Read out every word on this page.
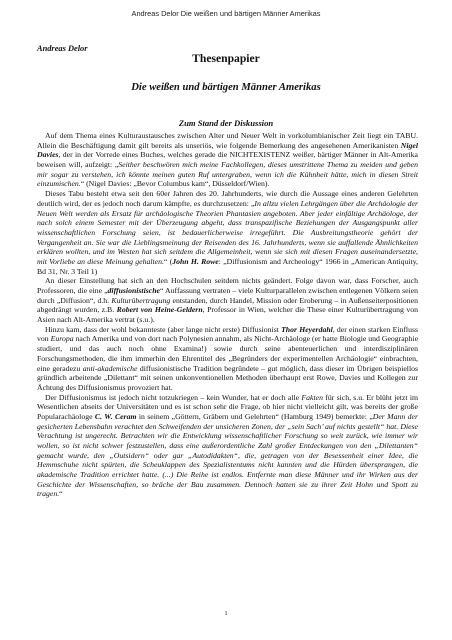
Andreas Delor Die weißen und bärtigen Männer Amerikas
Andreas Delor
Thesenpapier
Die weißen und bärtigen Männer Amerikas
Zum Stand der Diskussion

Auf dem Thema eines Kulturaustausches zwischen Alter und Neuer Welt in vorkolumbianischer Zeit liegt ein TABU. Allein die Beschäftigung damit gilt bereits als unseriös, wie folgende Bemerkung des angesehenen Amerikanisten Nigel Davies, der in der Vorrede eines Buches, welches gerade die NICHTEXISTENZ weißer, bärtiger Männer in Alt-Amerika beweisen will, aufzeigt: „Seither beschwören mich meine Fachkollegen, dieses umstrittene Thema zu meiden und geben mir sogar zu verstehen, ich könnte meinen guten Ruf untergraben, wenn ich die Kühnheit hätte, mich in diesen Streit einzumischen.“ (Nigel Davies: „Bevor Columbus kam“, Düsseldorf/Wien).

Dieses Tabu besteht etwa seit den 60er Jahren des 20. Jahrhunderts, wie durch die Aussage eines anderen Gelehrten deutlich wird, der es jedoch noch darum kämpfte, es durchzusetzen: „In allzu vielen Lehrgängen über die Archäologie der Neuen Welt werden als Ersatz für archäologische Theorien Phantasien angeboten. Aber jeder einfältige Archäologe, der nach solch einem Semester mit der Überzeugung abgeht, dass transpazifische Beziehungen der Ausgangspunkt aller wissenschaftlichen Forschung seien, ist bedauerlicherweise irregeführt. Die Ausbreitungstheorie gehört der Vergangenheit an. Sie war die Lieblingsmeinung der Reisenden des 16. Jahrhunderts, wenn sie auffallende Ähnlichkeiten erklären wollten, und im Westen hat sich seitdem die Allgemeinheit, wenn sie sich mit diesen Fragen auseinandersetzte, mit Vorliebe an diese Meinung gehalten.“ (John H. Rowe: „Diffusionism and Archeology“ 1966 in „American Antiquity, Bd 31, Nr. 3 Teil 1)

An dieser Einstellung hat sich an den Hochschulen seitdem nichts geändert. Folge davon war, dass Forscher, auch Professoren, die eine „diffusionistische“ Auffassung vertraten – viele Kulturparallelen zwischen entlegenen Völkern seien durch „Diffusion“, d.h. Kulturübertragung entstanden, durch Handel, Mission oder Eroberung – in Außenseiterpositionen abgedrängt wurden, z.B. Robert von Heine-Geldern, Professor in Wien, welcher die These einer Kulturübertragung von Asien nach Alt-Amerika vertrat (s.u.).

Hinzu kam, dass der wohl bekannteste (aber lange nicht erste) Diffusionist Thor Heyerdahl, der einen starken Einfluss von Europa nach Amerika und von dort nach Polynesien annahm, als Nicht-Archäologe (er hatte Biologie und Geographie studiert, und das auch noch ohne Examina!) sowie durch seine abenteuerlichen und interdisziplinären Forschungsmethoden, die ihm immerhin den Ehrentitel des „Begründers der experimentellen Archäologie“ einbrachten, eine geradezu anti-akademische diffusionistische Tradition begründete – gut möglich, dass dieser im Übrigen beispiellos gründlich arbeitende „Dilettant“ mit seinen unkonventionellen Methoden überhaupt erst Rowe, Davies und Kollegen zur Ächtung des Diffusionismus provoziert hat.

Der Diffusionismus ist jedoch nicht totzukriegen – kein Wunder, hat er doch alle Fakten für sich, s.u. Er blüht jetzt im Wesentlichen abseits der Universitäten und es ist schon sehr die Frage, ob hier nicht vielleicht gilt, was bereits der große Popularachäologe C. W. Ceram in seinem „Göttern, Gräbern und Gelehrten“ (Hamburg 1949) bemerkte: „Der Mann der gesicherten Lebensbahn verachtet den Schweifenden der unsicheren Zonen, der „sein Sach’ auf nichts gestellt“ hat. Diese Verachtung ist ungerecht. Betrachten wir die Entwicklung wissenschaftlicher Forschung so weit zurück, wie immer wir wollen, so ist nicht schwer festzustellen, dass eine außerordentliche Zahl großer Entdeckungen von den „Dilettanten“ gemacht wurde, den „Outsidern“ oder gar „Autodidakten“, die, getragen von der Besessenheit einer Idee, die Hemmschuhe nicht spürten, die Scheuklappen des Spezialistentums nicht kannten und die Hürden übersprangen, die akademische Tradition errichtet hatte. (...) Die Reihe ist endlos. Entfernte man diese Männer und ihr Wirken aus der Geschichte der Wissenschaften, so bräche der Bau zusammen. Dennoch hatten sie zu ihrer Zeit Hohn und Spott zu tragen.“

1
